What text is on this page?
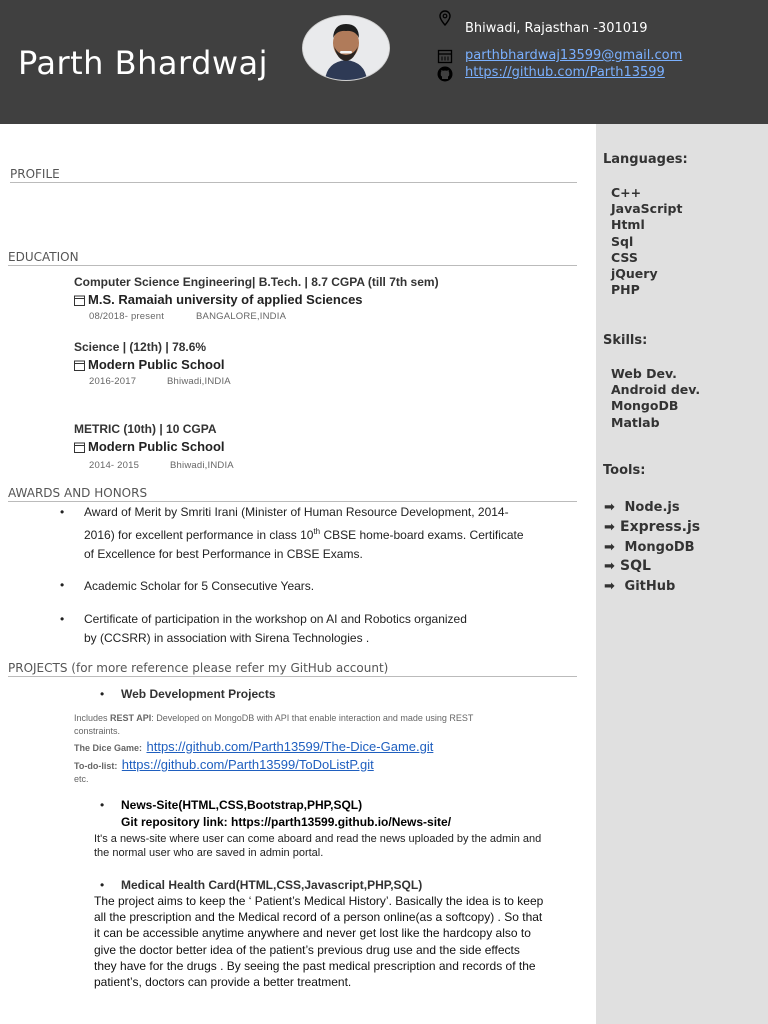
Parth Bhardwaj
Bhiwadi, Rajasthan -301019
parthbhardwaj13599@gmail.com
https://github.com/Parth13599
Languages:
C++
JavaScript
Html
Sql
CSS
jQuery
PHP
Skills:
Web Dev.
Android dev.
MongoDB
Matlab
Tools:
➡ Node.js
➡ Express.js
➡ MongoDB
➡ SQL
➡ GitHub
PROFILE
EDUCATION
AWARDS AND HONORS
PROJECTS (for more reference please refer my GitHub account)
Computer Science Engineering| B.Tech. | 8.7 CGPA (till 7th sem)
M.S. Ramaiah university of applied Sciences
08/2018- present	BANGALORE,INDIA
Science | (12th) | 78.6%
Modern Public School
2016-2017	Bhiwadi,INDIA
METRIC (10th) | 10 CGPA
Modern Public School
2014- 2015	Bhiwadi,INDIA
• Award of Merit by Smriti Irani (Minister of Human Resource Development, 2014-
2016) for excellent performance in class 10th CBSE home-board exams. Certificate
of Excellence for best Performance in CBSE Exams.
• Academic Scholar for 5 Consecutive Years.
• Certificate of participation in the workshop on AI and Robotics organized
by (CCSRR) in association with Sirena Technologies .
• Web Development Projects
Includes REST API: Developed on MongoDB with API that enable interaction and made using REST
constraints.
The Dice Game: https://github.com/Parth13599/The-Dice-Game.git
To-do-list: https://github.com/Parth13599/ToDoListP.git
etc.
• News-Site(HTML,CSS,Bootstrap,PHP,SQL)
Git repository link: https://parth13599.github.io/News-site/
It's a news-site where user can come aboard and read the news uploaded by the admin and
the normal user who are saved in admin portal.
• Medical Health Card(HTML,CSS,Javascript,PHP,SQL)
The project aims to keep the ‘ Patient’s Medical History’. Basically the idea is to keep
all the prescription and the Medical record of a person online(as a softcopy) . So that
it can be accessible anytime anywhere and never get lost like the hardcopy also to
give the doctor better idea of the patient’s previous drug use and the side effects
they have for the drugs . By seeing the past medical prescription and records of the
patient’s, doctors can provide a better treatment.
